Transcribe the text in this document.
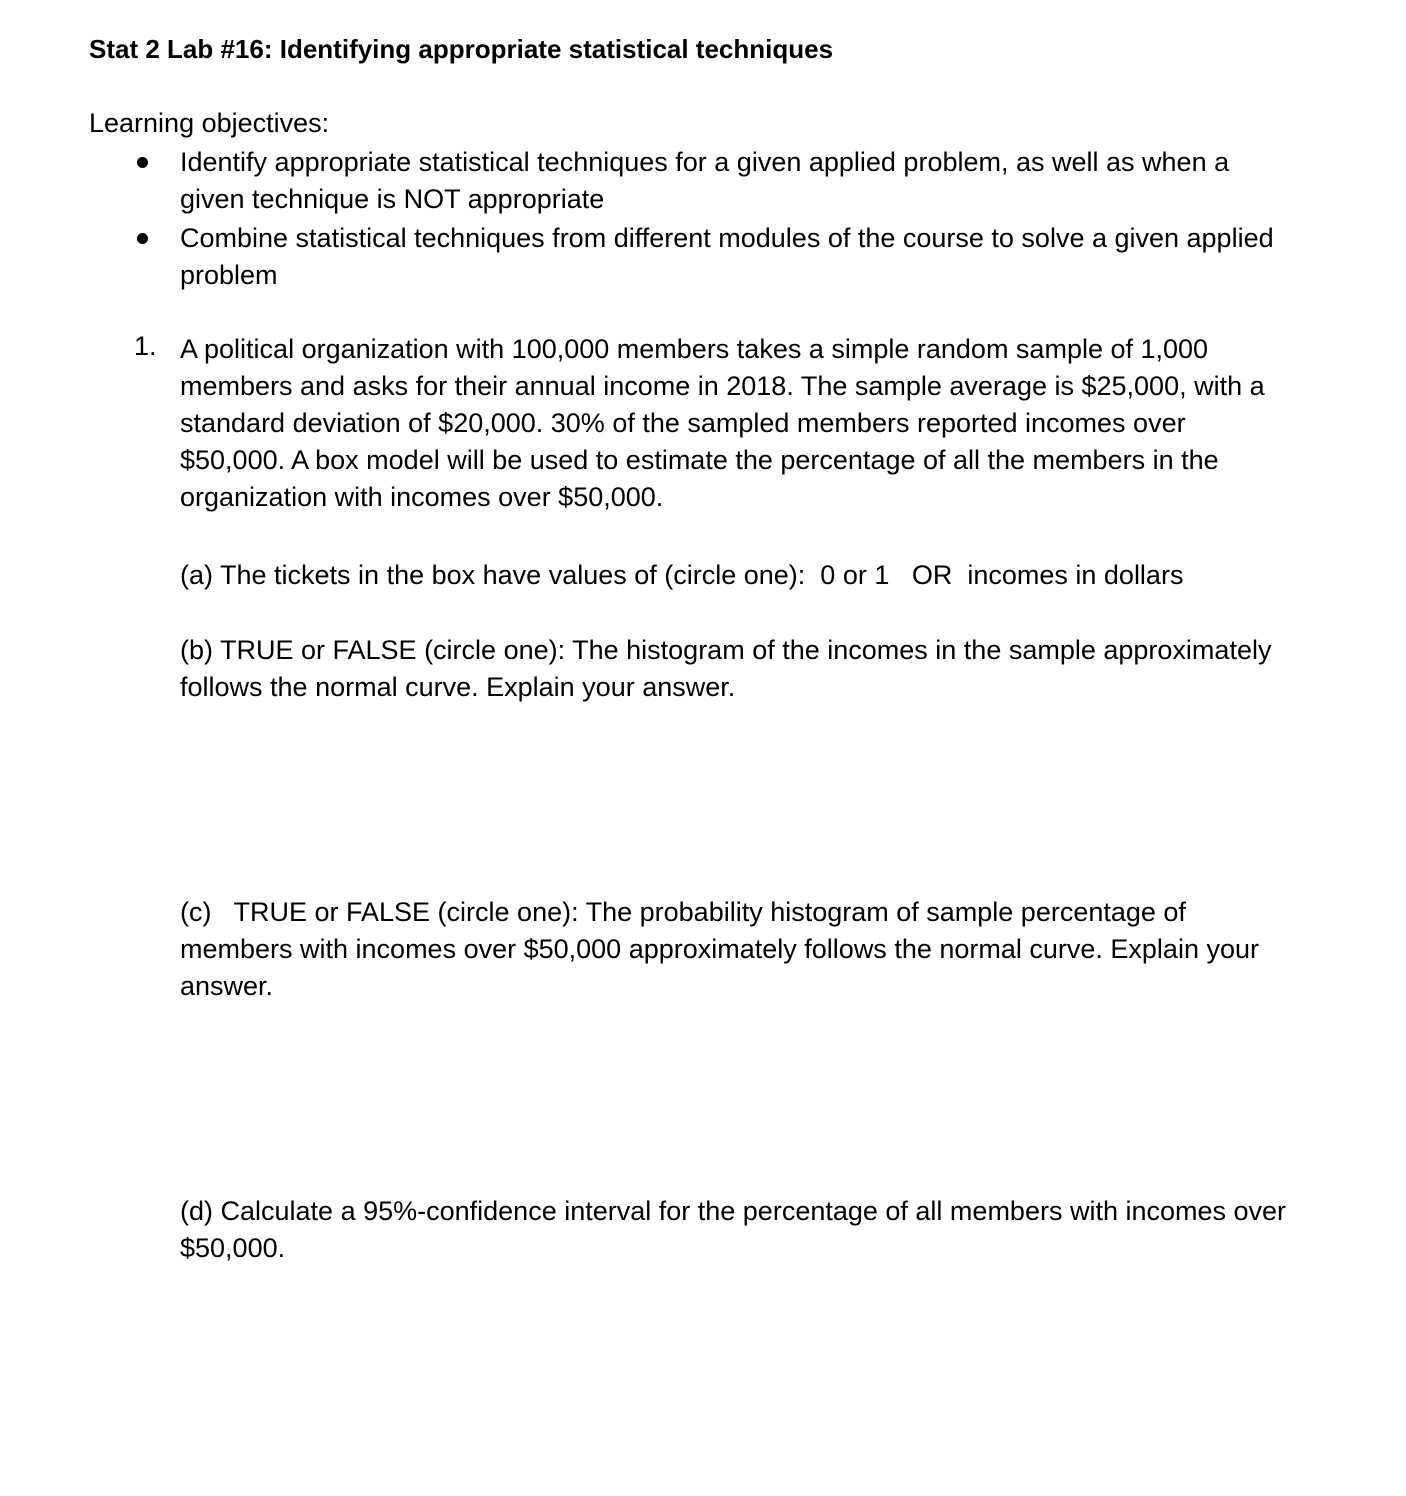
Stat 2 Lab #16: Identifying appropriate statistical techniques
Learning objectives:
Identify appropriate statistical techniques for a given applied problem, as well as when a given technique is NOT appropriate
Combine statistical techniques from different modules of the course to solve a given applied problem
1. A political organization with 100,000 members takes a simple random sample of 1,000 members and asks for their annual income in 2018. The sample average is $25,000, with a standard deviation of $20,000. 30% of the sampled members reported incomes over $50,000. A box model will be used to estimate the percentage of all the members in the organization with incomes over $50,000.
(a) The tickets in the box have values of (circle one):  0 or 1   OR  incomes in dollars
(b) TRUE or FALSE (circle one): The histogram of the incomes in the sample approximately follows the normal curve. Explain your answer.
(c)   TRUE or FALSE (circle one): The probability histogram of sample percentage of members with incomes over $50,000 approximately follows the normal curve. Explain your answer.
(d) Calculate a 95%-confidence interval for the percentage of all members with incomes over $50,000.
